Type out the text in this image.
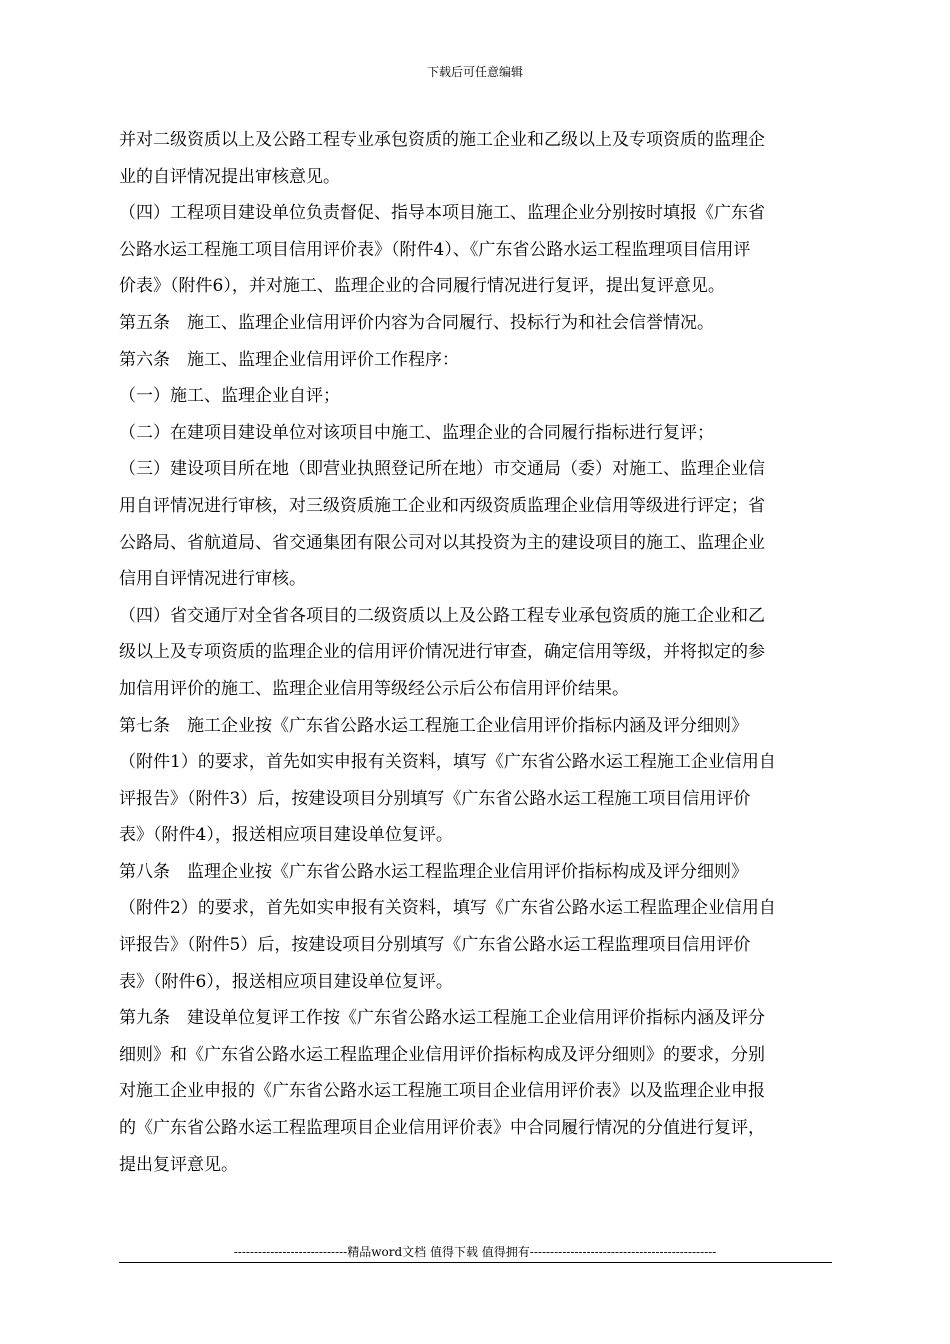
下载后可任意编辑
并对二级资质以上及公路工程专业承包资质的施工企业和乙级以上及专项资质的监理企
业的自评情况提出审核意见。
（四）工程项目建设单位负责督促、指导本项目施工、监理企业分别按时填报《广东省
公路水运工程施工项目信用评价表》（附件4）、《广东省公路水运工程监理项目信用评
价表》（附件6），并对施工、监理企业的合同履行情况进行复评，提出复评意见。
第五条　施工、监理企业信用评价内容为合同履行、投标行为和社会信誉情况。
第六条　施工、监理企业信用评价工作程序：
（一）施工、监理企业自评；
（二）在建项目建设单位对该项目中施工、监理企业的合同履行指标进行复评；
（三）建设项目所在地（即营业执照登记所在地）市交通局（委）对施工、监理企业信
用自评情况进行审核，对三级资质施工企业和丙级资质监理企业信用等级进行评定；省
公路局、省航道局、省交通集团有限公司对以其投资为主的建设项目的施工、监理企业
信用自评情况进行审核。
（四）省交通厅对全省各项目的二级资质以上及公路工程专业承包资质的施工企业和乙
级以上及专项资质的监理企业的信用评价情况进行审查，确定信用等级，并将拟定的参
加信用评价的施工、监理企业信用等级经公示后公布信用评价结果。
第七条　施工企业按《广东省公路水运工程施工企业信用评价指标内涵及评分细则》
（附件1）的要求，首先如实申报有关资料，填写《广东省公路水运工程施工企业信用自
评报告》（附件3）后，按建设项目分别填写《广东省公路水运工程施工项目信用评价
表》（附件4），报送相应项目建设单位复评。
第八条　监理企业按《广东省公路水运工程监理企业信用评价指标构成及评分细则》
（附件2）的要求，首先如实申报有关资料，填写《广东省公路水运工程监理企业信用自
评报告》（附件5）后，按建设项目分别填写《广东省公路水运工程监理项目信用评价
表》（附件6），报送相应项目建设单位复评。
第九条　建设单位复评工作按《广东省公路水运工程施工企业信用评价指标内涵及评分
细则》和《广东省公路水运工程监理企业信用评价指标构成及评分细则》的要求，分别
对施工企业申报的《广东省公路水运工程施工项目企业信用评价表》以及监理企业申报
的《广东省公路水运工程监理项目企业信用评价表》中合同履行情况的分值进行复评，
提出复评意见。
----------------------------精品word文档 值得下载 值得拥有----------------------------------------------
